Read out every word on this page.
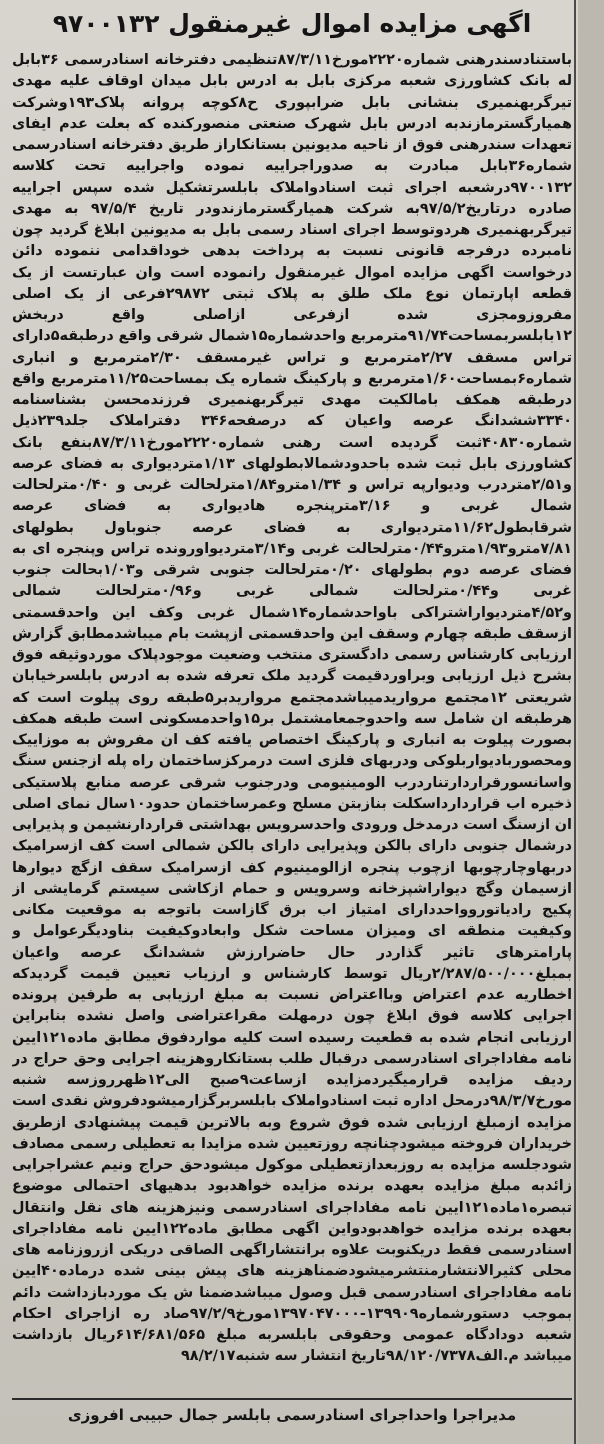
اگهی مزایده اموال غیرمنقول ۹۷۰۰۱۳۲
باستنادسندرهنی شماره۲۲۲۰مورخ۸۷/۳/۱۱تنظیمی دفترخانه اسنادرسمی ۳۶بابل له بانک کشاورزی شعبه مرکزی بابل به ادرس بابل میدان اوقاف علیه مهدی تیرگربهنمیری بنشانی بابل ضرابپوری ح۸کوچه پروانه پلاک۱۹۳وشرکت همیارگسترمازندبه ادرس بابل شهرک صنعتی منصورکنده که بعلت عدم ایفای تعهدات سندرهنی فوق از ناحیه مدیونین بستانکاراز طریق دفترخانه اسنادرسمی شماره۳۶بابل مبادرت به صدوراجراییه نموده واجراییه تحت کلاسه ۹۷۰۰۱۳۲درشعبه اجرای ثبت اسنادواملاک بابلسرتشکیل شده سپس اجراییه صادره درتاریخ۹۷/۵/۲به شرکت همیارگسترمازندودر تاریخ ۹۷/۵/۴ به مهدی تیرگربهنمیری هردوتوسط اجرای اسناد رسمی بابل به مدیونین ابلاغ گردید چون نامبرده درفرجه قانونی نسبت به پرداخت بدهی خوداقدامی ننموده دائن درخواست اگهی مزایده اموال غیرمنقول رانموده است وان عبارتست از یک قطعه اپارتمان نوع ملک طلق به پلاک ثبتی ۲۹۸۷۲فرعی از یک اصلی مفروزومجزی شده ازفرعی ازاصلی واقع دربخش ۱۲بابلسربمساحت۹۱/۷۴مترمربع واحدشماره۱۵شمال شرقی واقع درطبقه۵دارای تراس مسقف ۲/۲۷مترمربع و تراس غیرمسقف ۲/۳۰مترمربع و انباری شماره۶بمساحت۱/۶۰مترمربع و پارکینگ شماره یک بمساحت۱۱/۲۵مترمربع واقع درطبقه همکف بامالکیت مهدی تیرگربهنمیری فرزندمحسن بشناسنامه ۳۳۴۰ششدانگ عرصه واعیان که درصفحه۳۴۶ دفتراملاک جلد۲۳۹ذیل شماره۴۰۸۳۰ثبت گردیده است رهنی شماره۲۲۲۰مورخ۸۷/۳/۱۱بنفع بانک کشاورزی بابل ثبت شده باحدودشمالابطولهای ۱/۱۳متردیواری به فضای عرصه و۲/۵۱متردرب ودیوارپه تراس و ۱/۳۴مترو۱/۸۴مترلحالت غربی و ۰/۴۰مترلحالت شمال غربی و ۳/۱۶مترپنجره هادیواری به فضای عرصه شرقابطول۱۱/۶۲متردیواری به فضای عرصه جنوباول بطولهای ۷/۸۱مترو۱/۹۳مترو۰/۴۴مترلحالت غربی و۳/۱۴متردیواورونده تراس وپنجره ای به فضای عرصه دوم بطولهای ۰/۲۰مترلحالت جنوبی شرقی و۱/۰۳بحالت جنوب غربی و۰/۴۴مترلحالت شمالی غربی و۰/۹۶مترلحالت شمالی و۴/۵۲متردیواراشتراکی باواحدشماره۱۴شمال غربی وکف این واحدقسمتی ازسقف طبقه چهارم وسقف این واحدقسمتی ازپشت بام میباشدمطابق گزارش ارزیابی کارشناس رسمی دادگستری منتخب وضعیت موجودپلاک موردوثیقه فوق بشرح ذیل ارزیابی وبراوردقیمت گردید ملک تعرفه شده به ادرس بابلسرخیابان شریعتی ۱۲مجتمع مرواریدمیباشدمجتمع مرواریدبر۵طبقه روی پیلوت است که هرطبقه ان شامل سه واحدوجمعامشتمل بر۱۵واحدمسکونی است طبقه همکف بصورت پیلوت به انباری و پارکینگ اختصاص یافته کف ان مفروش به موزاییک ومحصوربادیواربلوکی ودربهای فلزی است درمرکزساختمان راه پله ازجنس سنگ واسانسورقراردارتناردرب الومینیومی ودرجنوب شرقی عرصه منابع پلاستیکی ذخیره اب قراردارداسکلت بنازبتن مسلح وعمرساختمان حدود۱۰سال نمای اصلی ان ازسنگ است درمدخل ورودی واحدسرویس بهداشتی قراردارنشیمن و پذیرایی درشمال جنوبی دارای بالکن وپذیرایی دارای بالکن شمالی است کف ازسرامیک دربهاوچارچوبها ازچوب پنجره ازالومینیوم کف ازسرامیک سقف ازگچ دیوارها ازسیمان وگچ دیواراشپزخانه وسرویس و حمام ازکاشی سیستم گرمایشی از پکیج رادیاتوروواحددارای امتیاز اب برق گازاست باتوجه به موقعیت مکانی وکیفیت منطقه ای ومیزان مساحت شکل وابعادوکیفیت بناودیگرعوامل و پارامترهای تاثیر گذاردر حال حاضرارزش ششدانگ عرصه واعیان بمبلغ۲/۲۸۷/۵۰۰/۰۰۰ریال توسط کارشناس و ارزیاب تعیین قیمت گردیدکه اخطاریه عدم اعتراض وبااعتراض نسبت به مبلغ ارزیابی به طرفین پرونده اجرایی کلاسه فوق ابلاغ چون درمهلت مقراعتراضی واصل نشده بنابراین ارزیابی انجام شده به قطعیت رسیده است کلیه مواردفوق مطابق ماده۱۲۱ایین نامه مفاداجرای اسنادرسمی درقبال طلب بستانکاروهزینه اجرایی وحق حراج در ردیف مزایده قرارمیگیردمزایده ازساعت۹صبح الی۱۲ظهرروزسه شنبه مورخ۹۸/۳/۷درمحل اداره ثبت اسنادواملاک بابلسربرگزارمیشودفروش نقدی است مزایده ازمبلغ ارزیابی شده فوق شروع وبه بالاترین قیمت پیشنهادی ازطریق خریداران فروخته میشودچنانچه روزتعیین شده مزایدا به تعطیلی رسمی مصادف شودجلسه مزایده به روزبعدازتعطیلی موکول میشودحق حراج ونیم عشراجرایی زائدبه مبلغ مزایده بعهده برنده مزایده خواهدبود بدهیهای احتمالی موضوع تبصره۱ماده۱۲۱ایین نامه مفاداجرای اسنادرسمی ونیزهزینه های نقل وانتقال بعهده برنده مزایده خواهدبودواین اگهی مطابق ماده۱۲۲ایین نامه مفاداجرای اسنادرسمی فقط دریکنوبت علاوه برانتشاراگهی الصاقی دریکی ازروزنامه های محلی کثیرالانتشارمنتشرمیشودضمناهزینه های پیش بینی شده درماده۴۰ایین نامه مفاداجرای اسنادرسمی قبل وصول میباشدضمنا ش یک موردبازداشت دائم بموجب دستورشماره۱۳۹۹۰۹-۱۳۹۷۰۴۷۰۰۰مورخ۹۷/۲/۹صاد ره ازاجرای احکام شعبه دودادگاه عمومی وحقوقی بابلسربه مبلغ ۶۱۴/۶۸۱/۵۶۵ریال بازداشت میباشد م.الف۹۸/۱۲۰/۷۳۷۸تاریخ انتشار سه شنبه۹۸/۲/۱۷
مدیراجرا واحداجرای اسنادرسمی بابلسر جمال حبیبی افروزی
